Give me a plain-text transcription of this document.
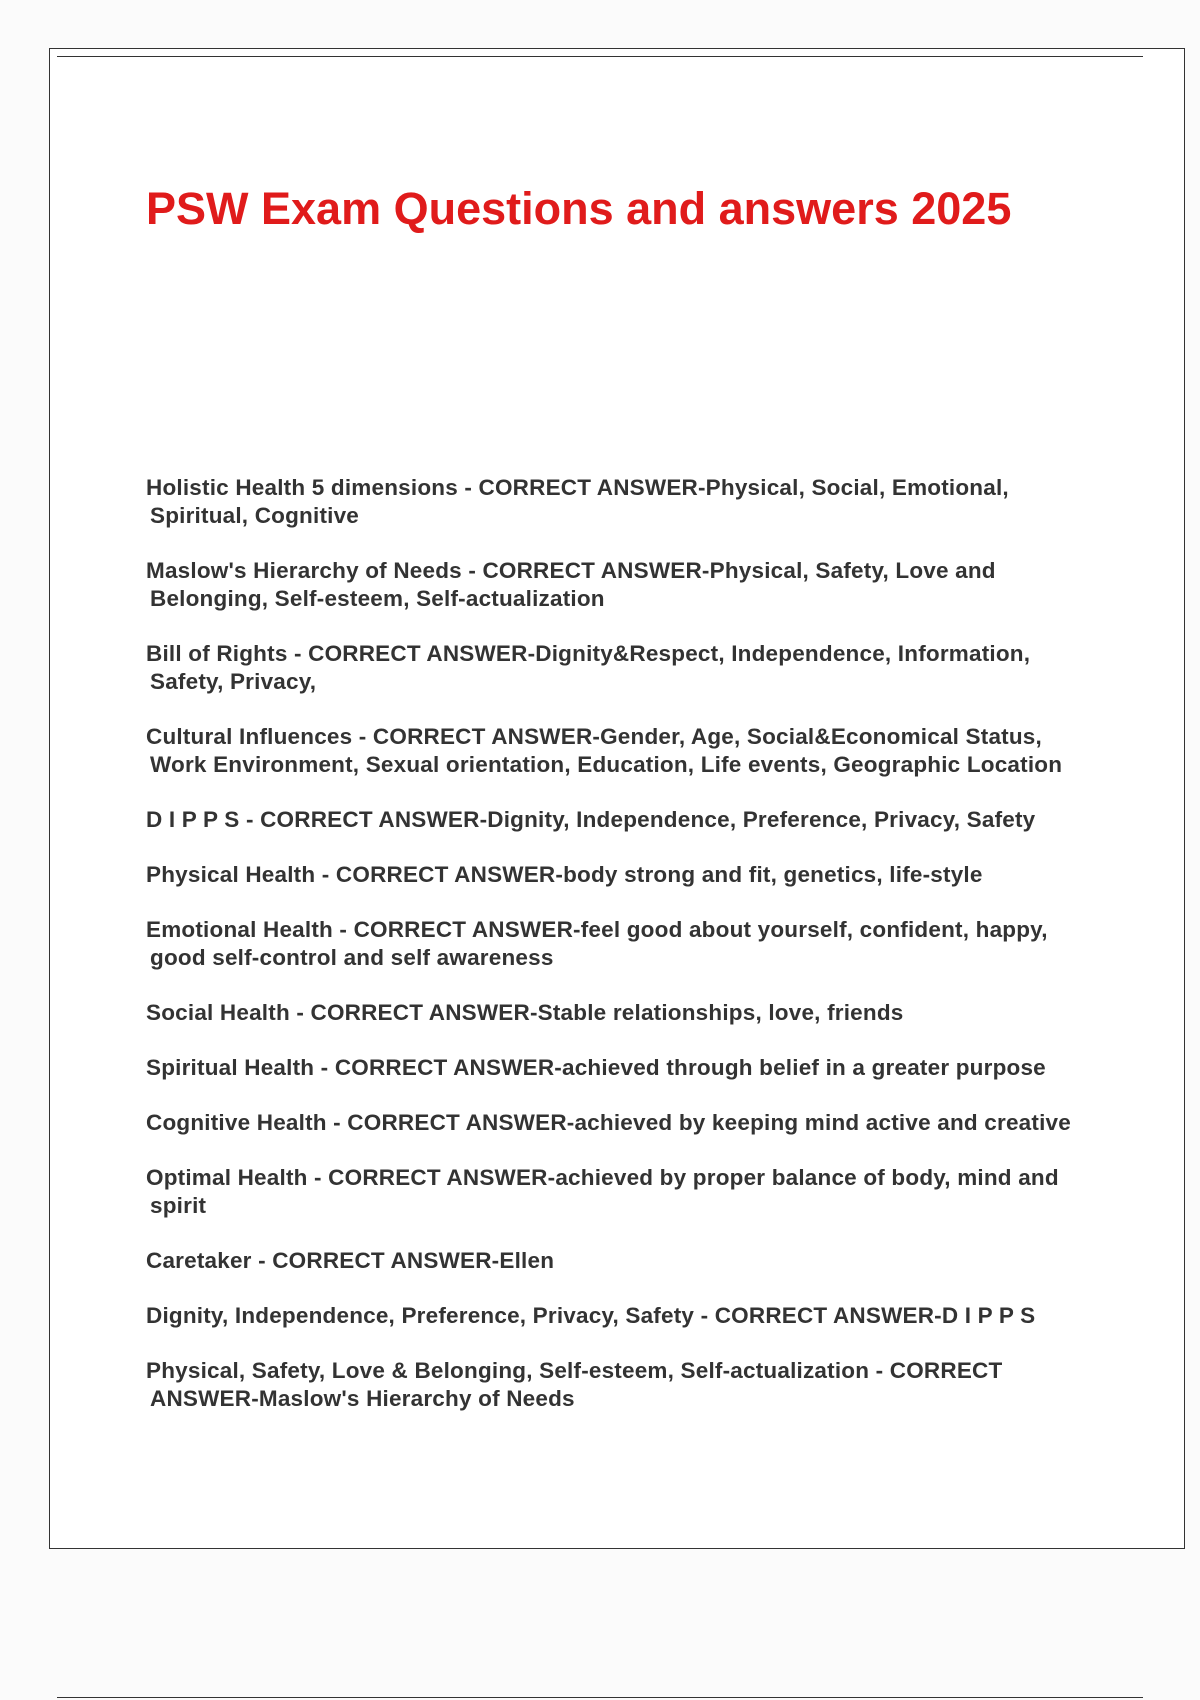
PSW Exam Questions and answers 2025
Holistic Health 5 dimensions - CORRECT ANSWER-Physical, Social, Emotional, Spiritual, Cognitive
Maslow's Hierarchy of Needs - CORRECT ANSWER-Physical, Safety, Love and Belonging, Self-esteem, Self-actualization
Bill of Rights - CORRECT ANSWER-Dignity&Respect, Independence, Information, Safety, Privacy,
Cultural Influences - CORRECT ANSWER-Gender, Age, Social&Economical Status, Work Environment, Sexual orientation, Education, Life events, Geographic Location
D I P P S - CORRECT ANSWER-Dignity, Independence, Preference, Privacy, Safety
Physical Health - CORRECT ANSWER-body strong and fit, genetics, life-style
Emotional Health - CORRECT ANSWER-feel good about yourself, confident, happy, good self-control and self awareness
Social Health - CORRECT ANSWER-Stable relationships, love, friends
Spiritual Health - CORRECT ANSWER-achieved through belief in a greater purpose
Cognitive Health - CORRECT ANSWER-achieved by keeping mind active and creative
Optimal Health - CORRECT ANSWER-achieved by proper balance of body, mind and spirit
Caretaker - CORRECT ANSWER-Ellen
Dignity, Independence, Preference, Privacy, Safety - CORRECT ANSWER-D I P P S
Physical, Safety, Love & Belonging, Self-esteem, Self-actualization - CORRECT ANSWER-Maslow's Hierarchy of Needs
